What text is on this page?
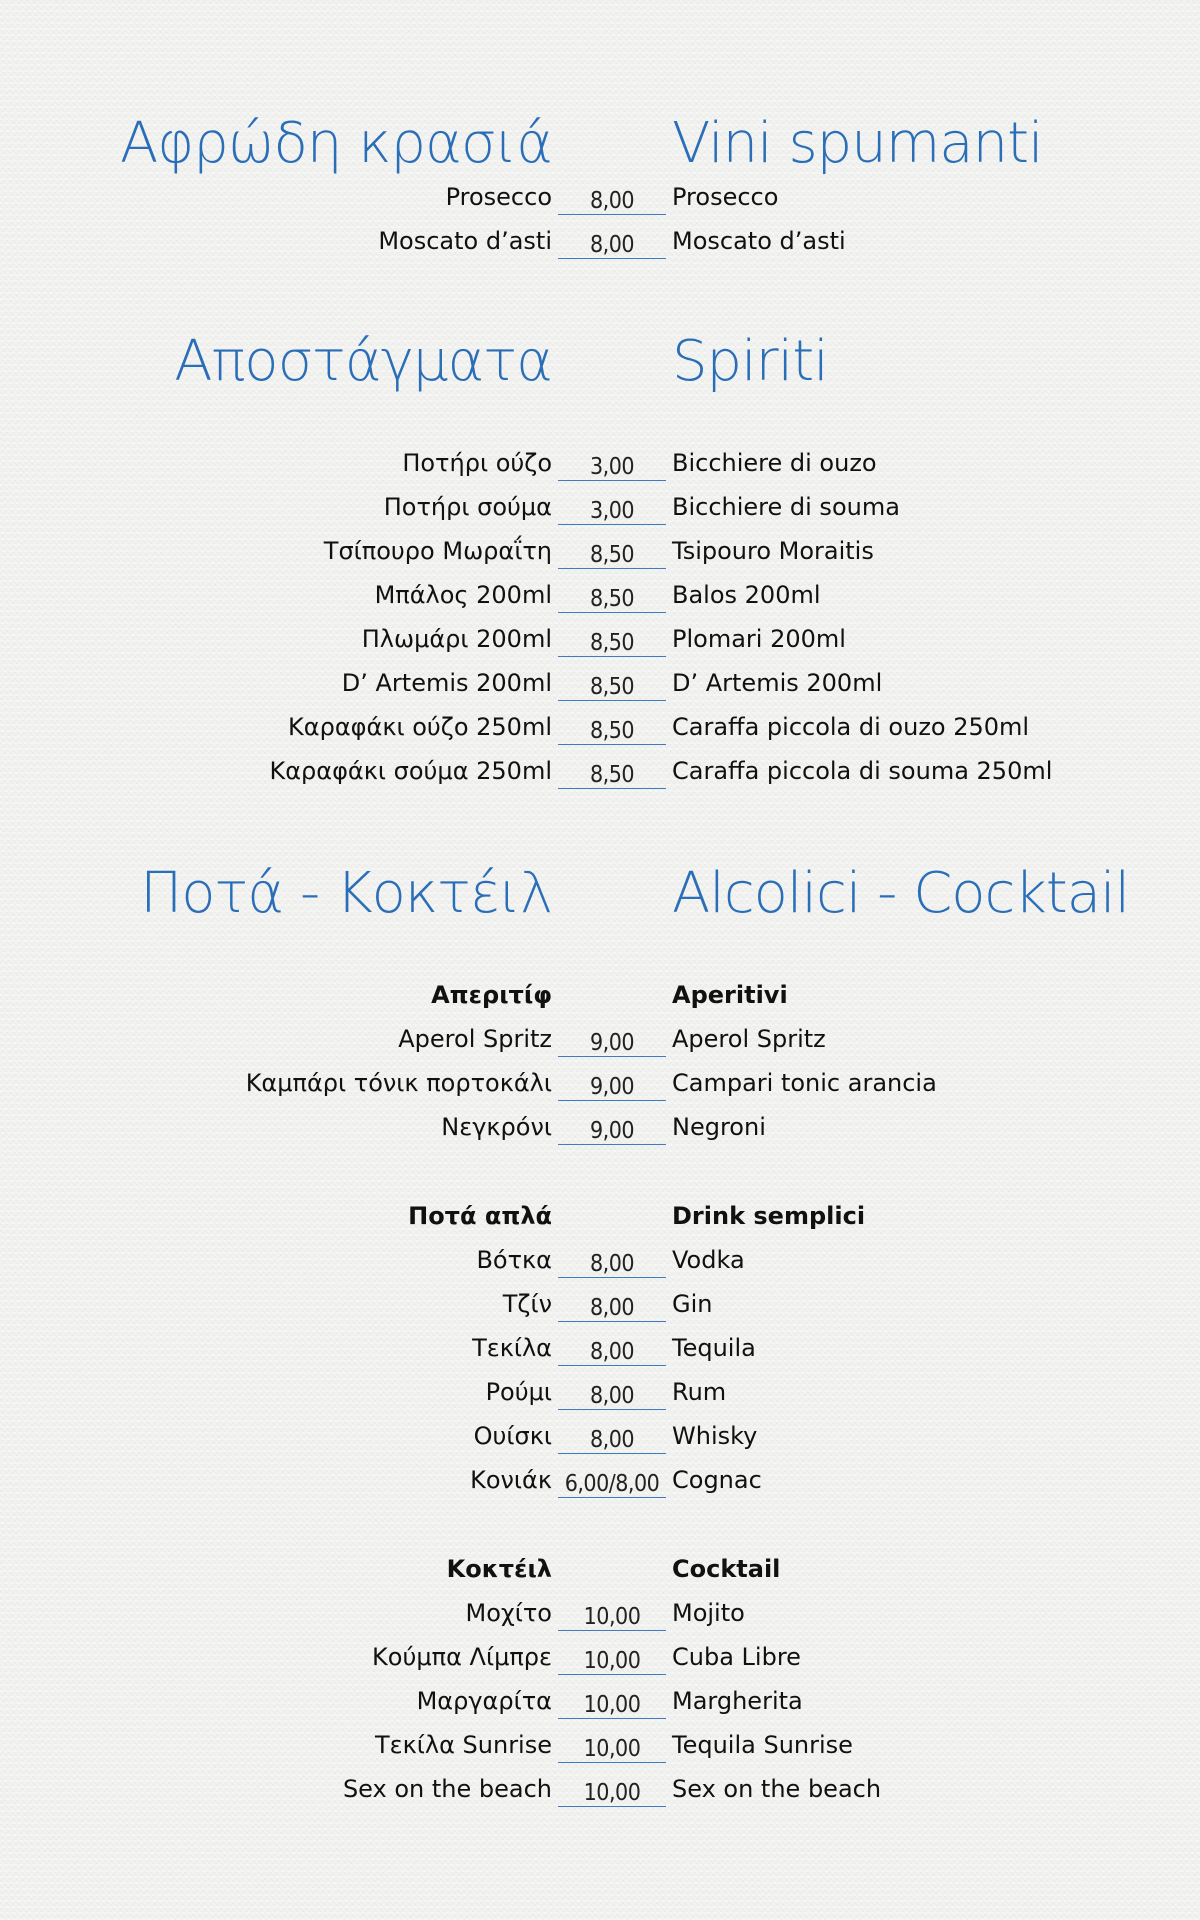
Αφρώδη κρασιά Vini spumanti
Prosecco	8,00	Prosecco
Moscato d’asti	8,00	Moscato d’asti
Αποστάγματα Spiriti
Ποτήρι ούζο	3,00	Bicchiere di ouzo
Ποτήρι σούμα	3,00	Bicchiere di souma
Τσίπουρο Μωραΐτη	8,50	Tsipouro Moraitis
Μπάλος 200ml	8,50	Balos 200ml
Πλωμάρι 200ml	8,50	Plomari 200ml
D’ Artemis 200ml	8,50	D’ Artemis 200ml
Καραφάκι ούζο 250ml	8,50	Caraffa piccola di ouzo 250ml
Καραφάκι σούμα 250ml	8,50	Caraffa piccola di souma 250ml
Ποτά - Κοκτέιλ Alcolici - Cocktail
Απεριτίφ	Aperitivi
Aperol Spritz	9,00	Aperol Spritz
Καμπάρι τόνικ πορτοκάλι	9,00	Campari tonic arancia
Νεγκρόνι	9,00	Negroni
Ποτά απλά	Drink semplici
Βότκα	8,00	Vodka
Τζίν	8,00	Gin
Τεκίλα	8,00	Tequila
Ρούμι	8,00	Rum
Ουίσκι	8,00	Whisky
Κονιάκ 6,00/8,00 Cognac
Κοκτέιλ	Cocktail
Μοχίτο	10,00	Mojito
Κούμπα Λίμπρε	10,00	Cuba Libre
Μαργαρίτα	10,00	Margherita
Τεκίλα Sunrise	10,00	Tequila Sunrise
Sex on the beach	10,00	Sex on the beach
